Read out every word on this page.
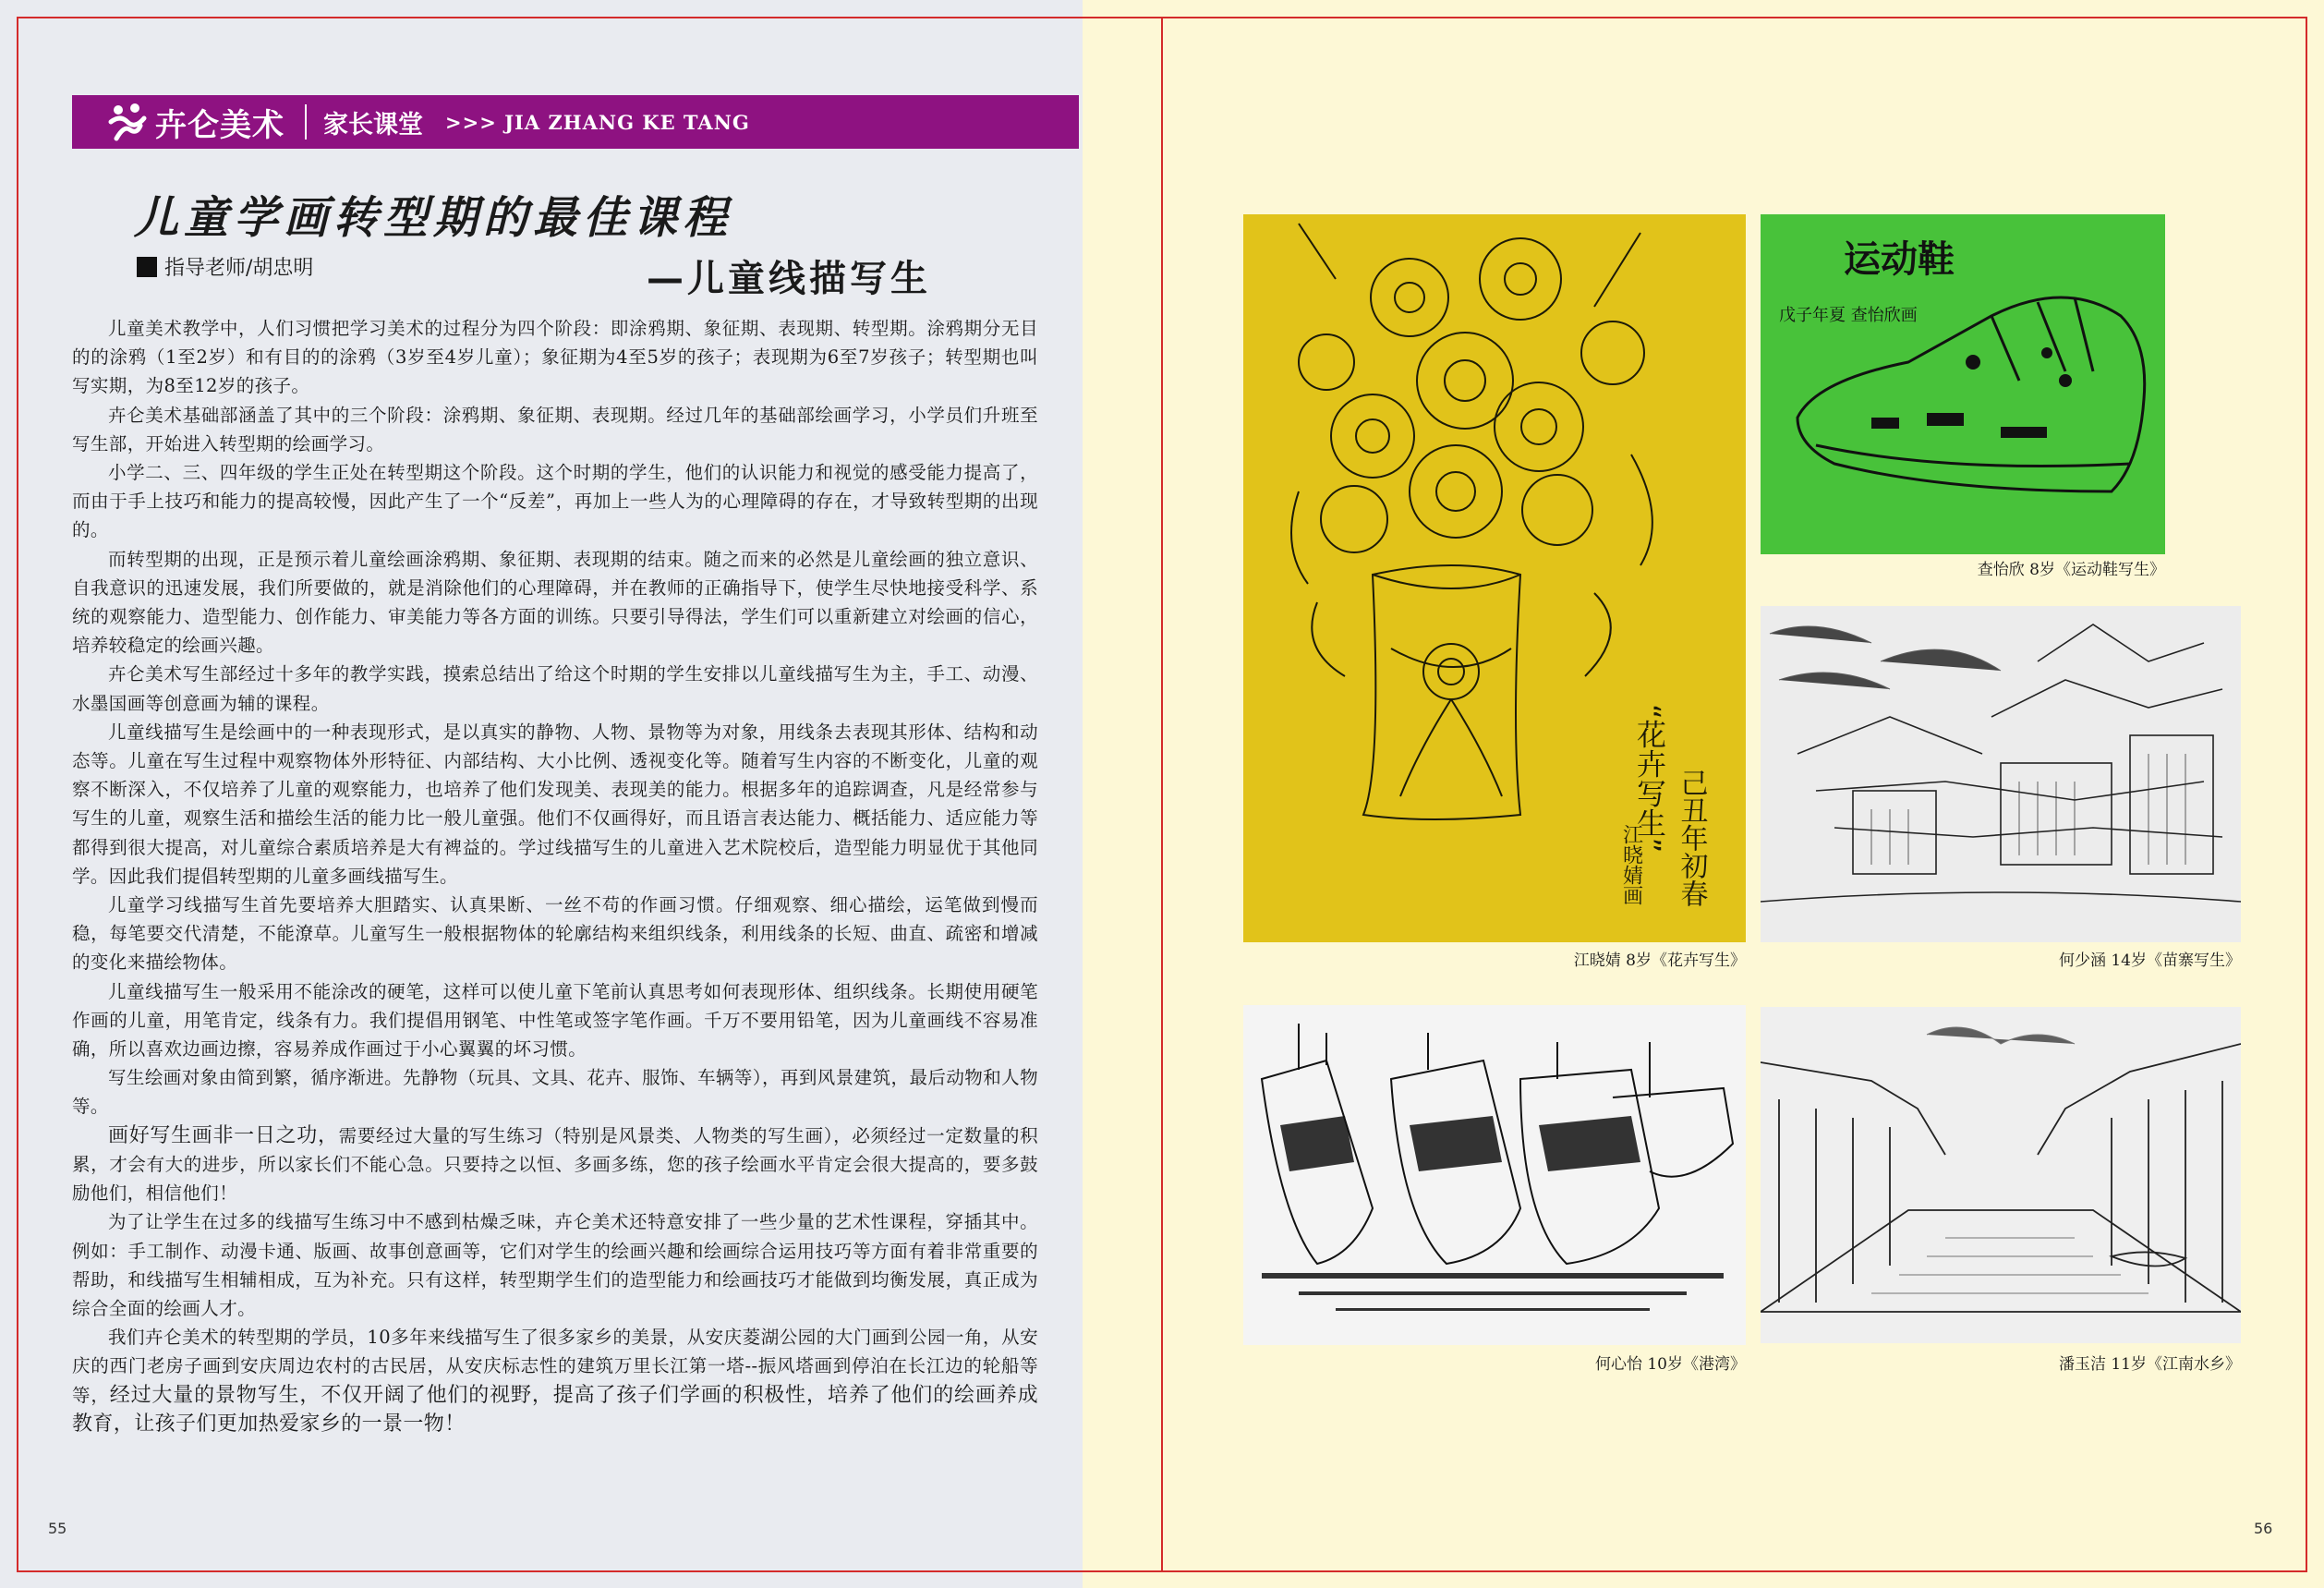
卉仑美术 家长课堂 >>> JIA ZHANG KE TANG
儿童学画转型期的最佳课程
指导老师/胡忠明	—儿童线描写生

儿童美术教学中，人们习惯把学习美术的过程分为四个阶段：即涂鸦期、象征期、表现期、转型期。涂鸦期分无目的的涂鸦（1至2岁）和有目的的涂鸦（3岁至4岁儿童）；象征期为4至5岁的孩子；表现期为6至7岁孩子；转型期也叫写实期，为8至12岁的孩子。

卉仑美术基础部涵盖了其中的三个阶段：涂鸦期、象征期、表现期。经过几年的基础部绘画学习，小学员们升班至写生部，开始进入转型期的绘画学习。

小学二、三、四年级的学生正处在转型期这个阶段。这个时期的学生，他们的认识能力和视觉的感受能力提高了，而由于手上技巧和能力的提高较慢，因此产生了一个“反差”，再加上一些人为的心理障碍的存在，才导致转型期的出现的。

而转型期的出现，正是预示着儿童绘画涂鸦期、象征期、表现期的结束。随之而来的必然是儿童绘画的独立意识、自我意识的迅速发展，我们所要做的，就是消除他们的心理障碍，并在教师的正确指导下，使学生尽快地接受科学、系统的观察能力、造型能力、创作能力、审美能力等各方面的训练。只要引导得法，学生们可以重新建立对绘画的信心，培养较稳定的绘画兴趣。

卉仑美术写生部经过十多年的教学实践，摸索总结出了给这个时期的学生安排以儿童线描写生为主，手工、动漫、水墨国画等创意画为辅的课程。

儿童线描写生是绘画中的一种表现形式，是以真实的静物、人物、景物等为对象，用线条去表现其形体、结构和动态等。儿童在写生过程中观察物体外形特征、内部结构、大小比例、透视变化等。随着写生内容的不断变化，儿童的观察不断深入，不仅培养了儿童的观察能力，也培养了他们发现美、表现美的能力。根据多年的追踪调查，凡是经常参与写生的儿童，观察生活和描绘生活的能力比一般儿童强。他们不仅画得好，而且语言表达能力、概括能力、适应能力等都得到很大提高，对儿童综合素质培养是大有裨益的。学过线描写生的儿童进入艺术院校后，造型能力明显优于其他同学。因此我们提倡转型期的儿童多画线描写生。

儿童学习线描写生首先要培养大胆踏实、认真果断、一丝不苟的作画习惯。仔细观察、细心描绘，运笔做到慢而稳，每笔要交代清楚，不能潦草。儿童写生一般根据物体的轮廓结构来组织线条，利用线条的长短、曲直、疏密和增减的变化来描绘物体。

儿童线描写生一般采用不能涂改的硬笔，这样可以使儿童下笔前认真思考如何表现形体、组织线条。长期使用硬笔作画的儿童，用笔肯定，线条有力。我们提倡用钢笔、中性笔或签字笔作画。千万不要用铅笔，因为儿童画线不容易准确，所以喜欢边画边擦，容易养成作画过于小心翼翼的坏习惯。

写生绘画对象由简到繁，循序渐进。先静物（玩具、文具、花卉、服饰、车辆等），再到风景建筑，最后动物和人物等。

画好写生画非一日之功，需要经过大量的写生练习（特别是风景类、人物类的写生画），必须经过一定数量的积累，才会有大的进步，所以家长们不能心急。只要持之以恒、多画多练，您的孩子绘画水平肯定会很大提高的，要多鼓励他们，相信他们！

为了让学生在过多的线描写生练习中不感到枯燥乏味，卉仑美术还特意安排了一些少量的艺术性课程，穿插其中。例如：手工制作、动漫卡通、版画、故事创意画等，它们对学生的绘画兴趣和绘画综合运用技巧等方面有着非常重要的帮助，和线描写生相辅相成，互为补充。只有这样，转型期学生们的造型能力和绘画技巧才能做到均衡发展，真正成为综合全面的绘画人才。

我们卉仑美术的转型期的学员，10多年来线描写生了很多家乡的美景，从安庆菱湖公园的大门画到公园一角，从安庆的西门老房子画到安庆周边农村的古民居，从安庆标志性的建筑万里长江第一塔--振风塔画到停泊在长江边的轮船等等，经过大量的景物写生，不仅开阔了他们的视野，提高了孩子们学画的积极性，培养了他们的绘画养成教育，让孩子们更加热爱家乡的一景一物！

55	56
“花卉写生” 己丑年初春
江晓婧画
江晓婧 8岁《花卉写生》
运动鞋
戊子年夏 查怡欣画
查怡欣 8岁《运动鞋写生》
何少涵 14岁《苗寨写生》
何心怡 10岁《港湾》	潘玉洁 11岁《江南水乡》
